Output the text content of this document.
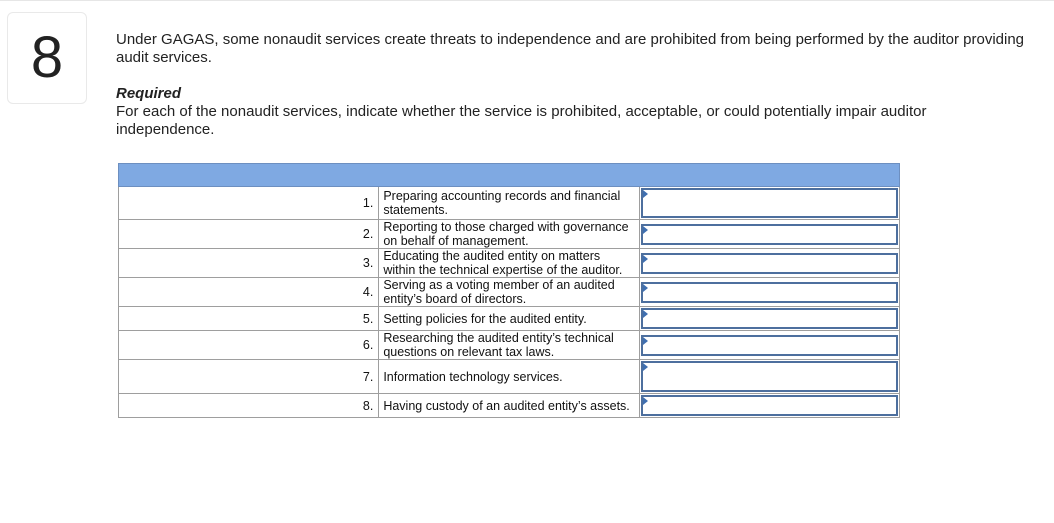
8	Under GAGAS, some nonaudit services create threats to independence and are prohibited from being performed by the auditor providing audit services.
Required
For each of the nonaudit services, indicate whether the service is prohibited, acceptable, or could potentially impair auditor independence.

1.	Preparing accounting records and financial statements.	

2.	Reporting to those charged with governance on behalf of management.	

3.	Educating the audited entity on matters within the technical expertise of the auditor.	

4.	Serving as a voting member of an audited entity’s board of directors.	

5.	Setting policies for the audited entity.	

6.	Researching the audited entity’s technical questions on relevant tax laws.	

7.	Information technology services.	

8.	Having custody of an audited entity’s assets.	
